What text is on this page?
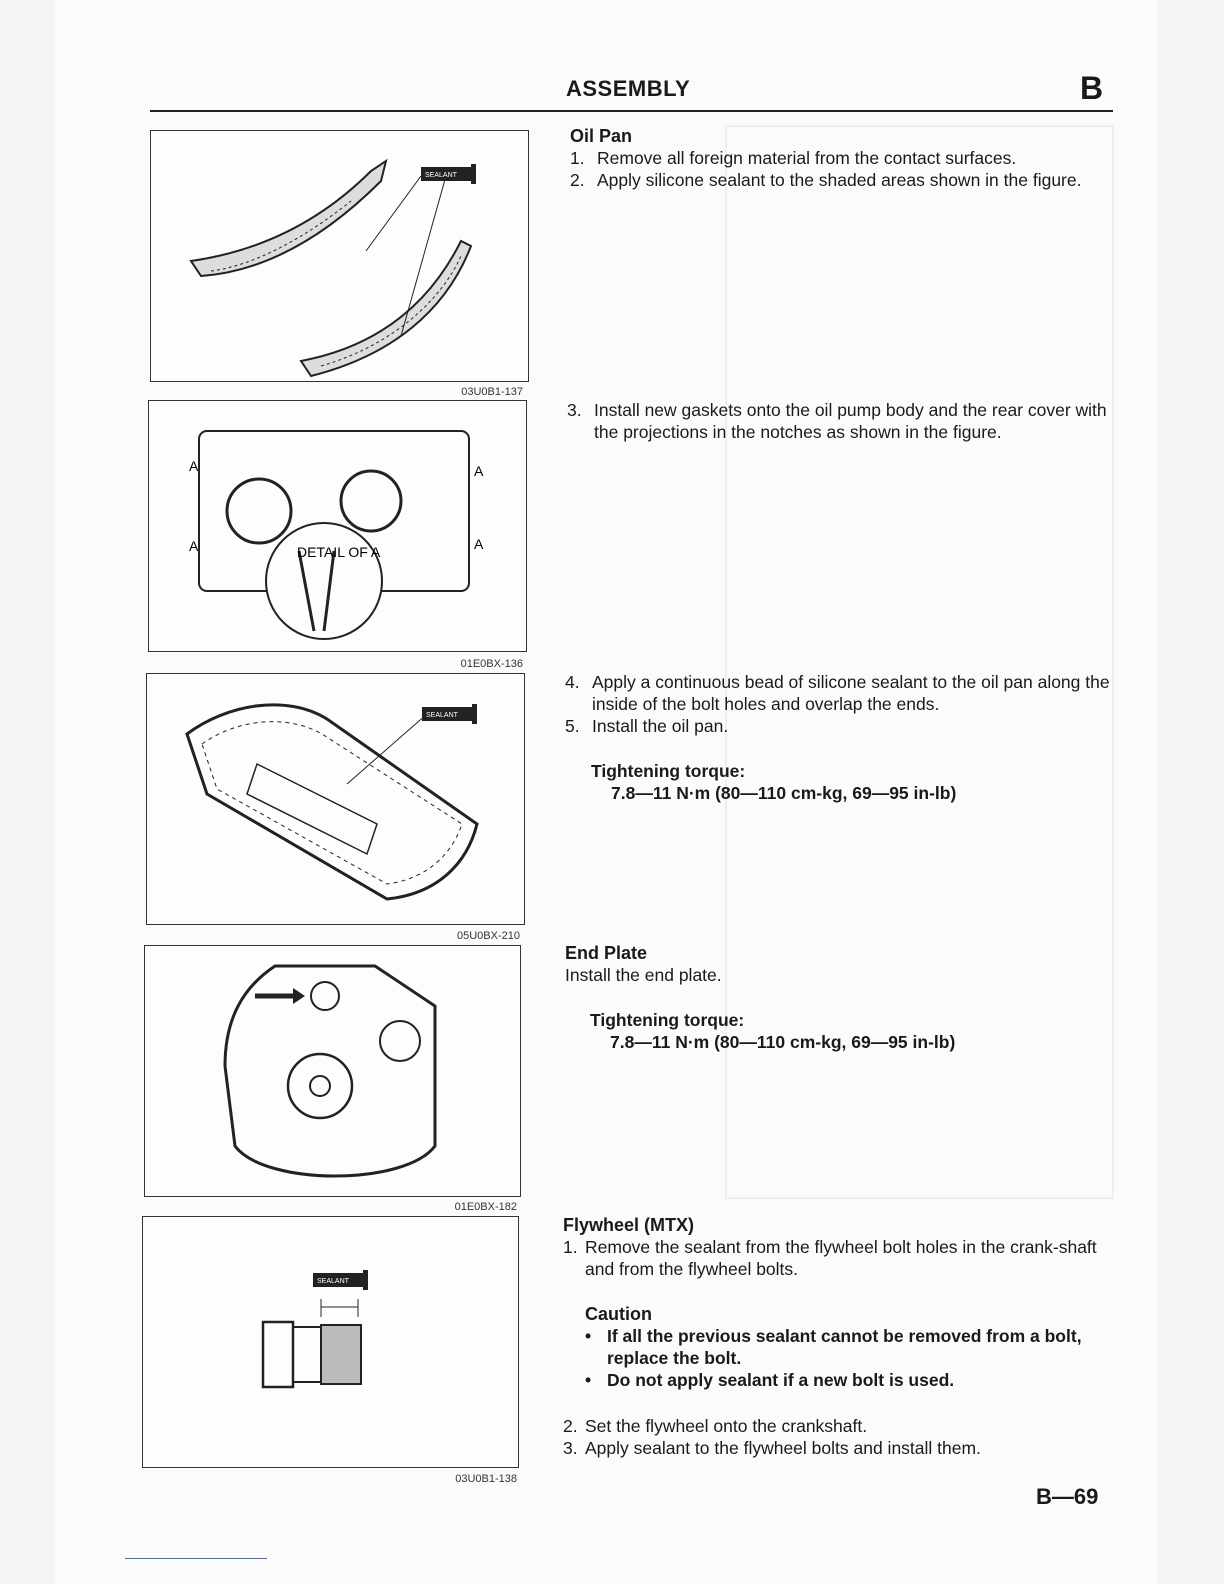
ASSEMBLY	B
SEALANT
03U0B1-137
A
A
A
A
DETAIL OF A
01E0BX-136
SEALANT
05U0BX-210
01E0BX-182
SEALANT
03U0B1-138
Oil Pan
1. Remove all foreign material from the contact surfaces.
2. Apply silicone sealant to the shaded areas shown in the figure.
3. Install new gaskets onto the oil pump body and the rear cover with the projections in the notches as shown in the figure.
4. Apply a continuous bead of silicone sealant to the oil pan along the inside of the bolt holes and overlap the ends.
5. Install the oil pan.
Tightening torque:
7.8—11 N·m (80—110 cm-kg, 69—95 in-lb)
End Plate
Install the end plate.
Tightening torque:
7.8—11 N·m (80—110 cm-kg, 69—95 in-lb)
Flywheel (MTX)
1. Remove the sealant from the flywheel bolt holes in the crank-shaft and from the flywheel bolts.
Caution
• If all the previous sealant cannot be removed from a bolt, replace the bolt.
• Do not apply sealant if a new bolt is used.
2. Set the flywheel onto the crankshaft.
3. Apply sealant to the flywheel bolts and install them.
B—69
